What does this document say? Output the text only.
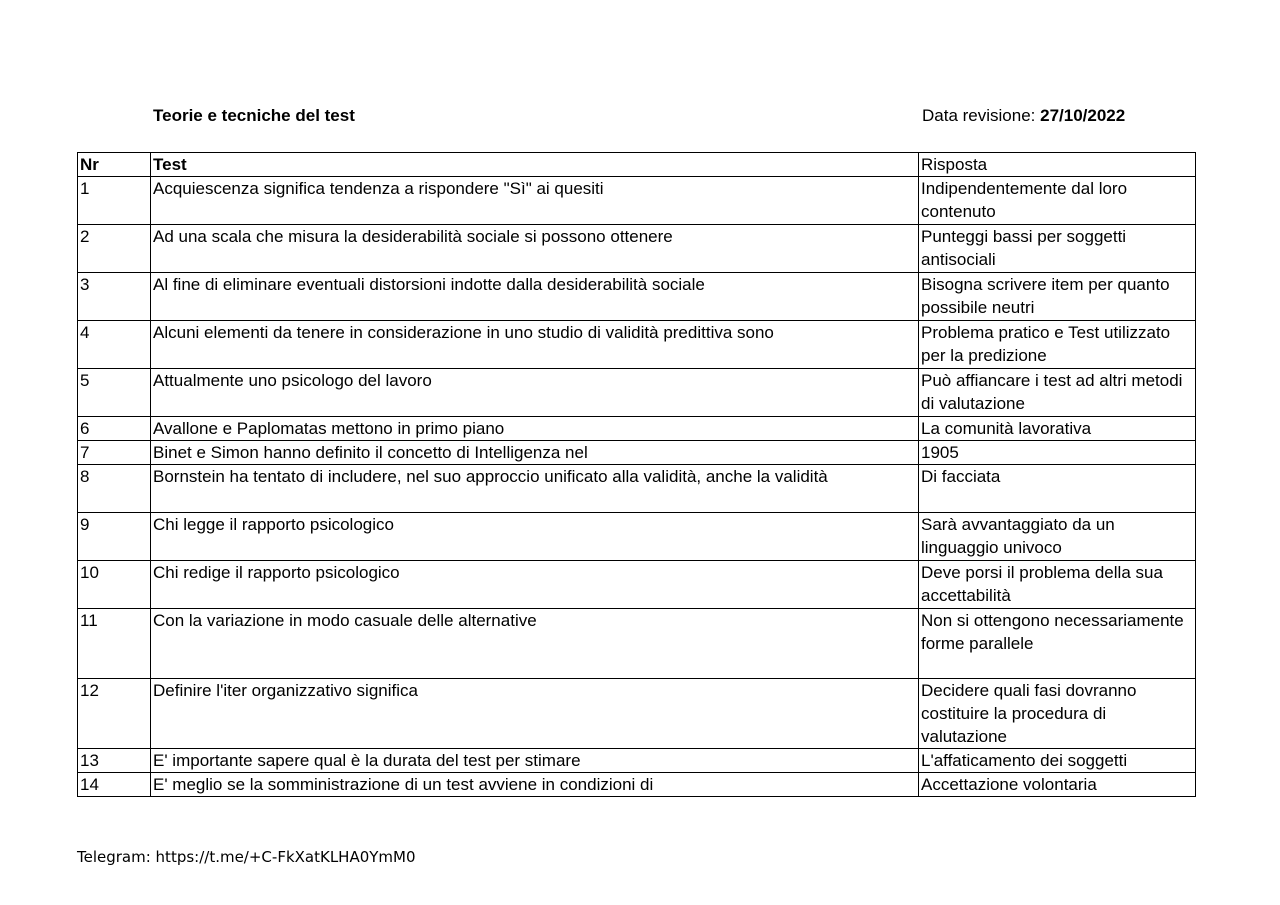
Teorie e tecniche del test	Data revisione: 27/10/2022
Nr	Test	Risposta
1	Acquiescenza significa tendenza a rispondere "Sì" ai quesiti	Indipendentemente dal loro contenuto
2	Ad una scala che misura la desiderabilità sociale si possono ottenere	Punteggi bassi per soggetti antisociali
3	Al fine di eliminare eventuali distorsioni indotte dalla desiderabilità sociale	Bisogna scrivere item per quanto possibile neutri
4	Alcuni elementi da tenere in considerazione in uno studio di validità predittiva sono	Problema pratico e Test utilizzato per la predizione
5	Attualmente uno psicologo del lavoro	Può affiancare i test ad altri metodi di valutazione
6	Avallone e Paplomatas mettono in primo piano	La comunità lavorativa
7	Binet e Simon hanno definito il concetto di Intelligenza nel	1905
8	Bornstein ha tentato di includere, nel suo approccio unificato alla validità, anche la validità	Di facciata
9	Chi legge il rapporto psicologico	Sarà avvantaggiato da un linguaggio univoco
10	Chi redige il rapporto psicologico	Deve porsi il problema della sua accettabilità
11	Con la variazione in modo casuale delle alternative	Non si ottengono necessariamente forme parallele
12	Definire l'iter organizzativo significa	Decidere quali fasi dovranno costituire la procedura di valutazione
13	E' importante sapere qual è la durata del test per stimare	L'affaticamento dei soggetti
14	E' meglio se la somministrazione di un test avviene in condizioni di	Accettazione volontaria
Telegram: https://t.me/+C-FkXatKLHA0YmM0
